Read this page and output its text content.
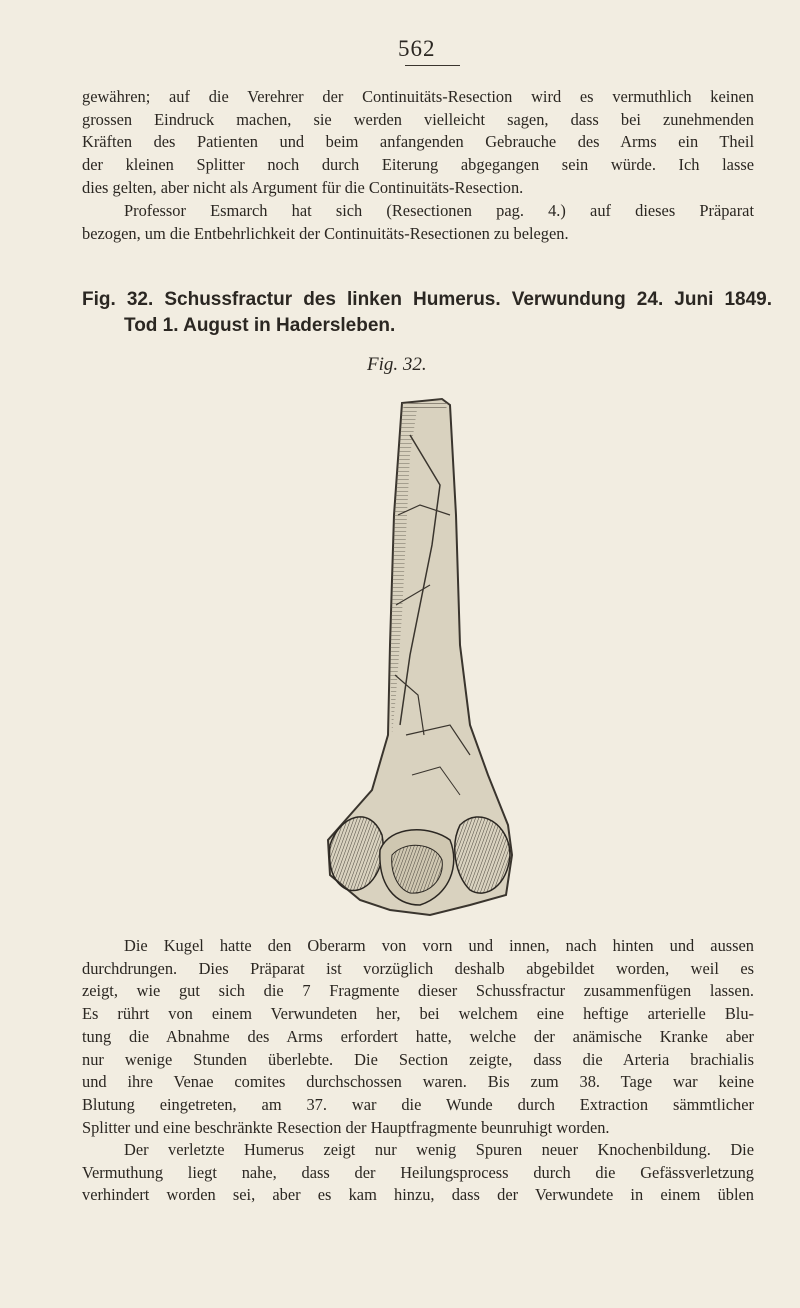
562
gewähren; auf die Verehrer der Continuitäts-Resection wird es vermuthlich keinen
grossen Eindruck machen, sie werden vielleicht sagen, dass bei zunehmenden
Kräften des Patienten und beim anfangenden Gebrauche des Arms ein Theil
der kleinen Splitter noch durch Eiterung abgegangen sein würde. Ich lasse
dies gelten, aber nicht als Argument für die Continuitäts-Resection.
Professor Esmarch hat sich (Resectionen pag. 4.) auf dieses Präparat
bezogen, um die Entbehrlichkeit der Continuitäts-Resectionen zu belegen.
Fig. 32. Schussfractur des linken Humerus. Verwundung 24. Juni 1849.
Tod 1. August in Hadersleben.
Fig. 32.
Die Kugel hatte den Oberarm von vorn und innen, nach hinten und aussen
durchdrungen. Dies Präparat ist vorzüglich deshalb abgebildet worden, weil es
zeigt, wie gut sich die 7 Fragmente dieser Schussfractur zusammenfügen lassen.
Es rührt von einem Verwundeten her, bei welchem eine heftige arterielle Blu-
tung die Abnahme des Arms erfordert hatte, welche der anämische Kranke aber
nur wenige Stunden überlebte. Die Section zeigte, dass die Arteria brachialis
und ihre Venae comites durchschossen waren. Bis zum 38. Tage war keine
Blutung eingetreten, am 37. war die Wunde durch Extraction sämmtlicher
Splitter und eine beschränkte Resection der Hauptfragmente beunruhigt worden.
Der verletzte Humerus zeigt nur wenig Spuren neuer Knochenbildung. Die
Vermuthung liegt nahe, dass der Heilungsprocess durch die Gefässverletzung
verhindert worden sei, aber es kam hinzu, dass der Verwundete in einem üblen
